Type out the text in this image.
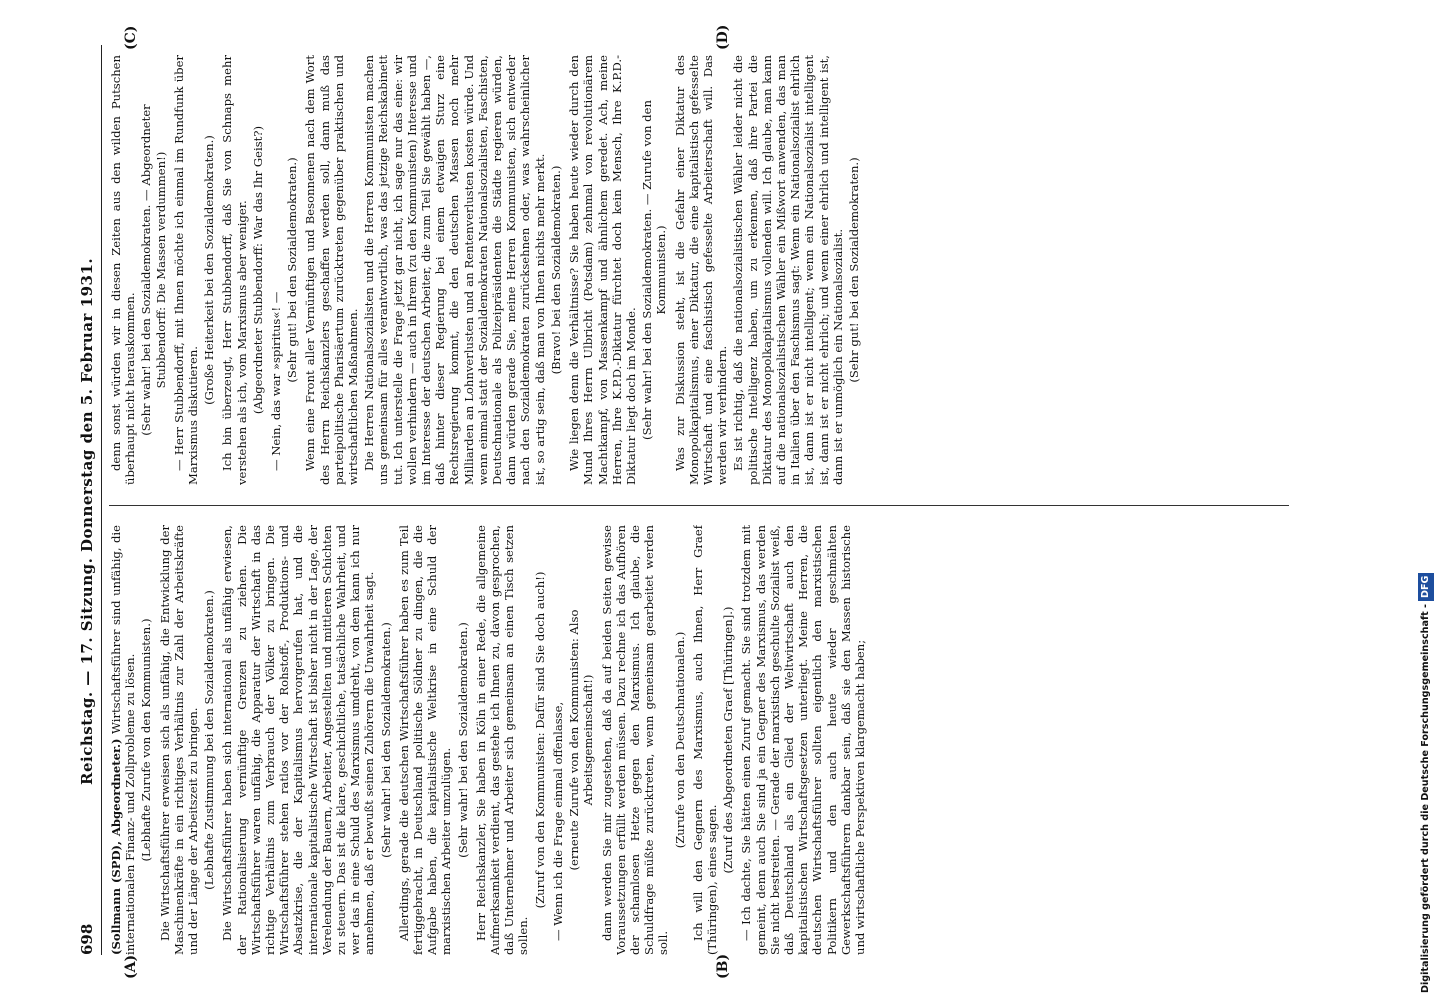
698
Reichstag. — 17. Sitzung. Donnerstag den 5. Februar 1931.
(A)	(B)
(C)	(D)

(Sollmann (SPD), Abgeordneter.) Wirtschaftsführer sind unfähig, die internationalen Finanz- und Zollprobleme zu lösen. (Lebhafte Zurufe von den Kommunisten.) Die Wirtschaftsführer erweisen sich als unfähig, die Entwicklung der Maschinenkräfte in ein richtiges Verhältnis zur Zahl der Arbeitskräfte und der Länge der Arbeitszeit zu bringen. (Lebhafte Zustimmung bei den Sozialdemokraten.) Die Wirtschaftsführer haben sich international als unfähig erwiesen, der Rationalisierung vernünftige Grenzen zu ziehen. Die Wirtschaftsführer waren unfähig, die Apparatur der Wirtschaft in das richtige Verhältnis zum Verbrauch der Völker zu bringen. Die Wirtschaftsführer stehen ratlos vor der Rohstoff-, Produktions- und Absatzkrise, die der Kapitalismus hervorgerufen hat, und die internationale kapitalistische Wirtschaft ist bisher nicht in der Lage, der Verelendung der Bauern, Arbeiter, Angestellten und mittleren Schichten zu steuern. Das ist die klare, geschichtliche, tatsächliche Wahrheit, und wer das in eine Schuld des Marxismus umdreht, von dem kann ich nur annehmen, daß er bewußt seinen Zuhörern die Unwahrheit sagt. (Sehr wahr! bei den Sozialdemokraten.) Allerdings, gerade die deutschen Wirtschaftsführer haben es zum Teil fertiggebracht, in Deutschland politische Söldner zu dingen, die die Aufgabe haben, die kapitalistische Weltkrise in eine Schuld der marxistischen Arbeiter umzulügen. (Sehr wahr! bei den Sozialdemokraten.) Herr Reichskanzler, Sie haben in Köln in einer Rede, die allgemeine Aufmerksamkeit verdient, das gestehe ich Ihnen zu, davon gesprochen, daß Unternehmer und Arbeiter sich gemeinsam an einen Tisch setzen sollen.

(Zuruf von den Kommunisten: Dafür sind Sie doch auch!) — Wenn ich die Frage einmal offenlasse, (erneute Zurufe von den Kommunisten: Also Arbeitsgemeinschaft!) dann werden Sie mir zugestehen, daß da auf beiden Seiten gewisse Voraussetzungen erfüllt werden müssen. Dazu rechne ich das Aufhören der schamlosen Hetze gegen den Marxismus. Ich glaube, die Schuldfrage müßte zurücktreten, wenn gemeinsam gearbeitet werden soll.

(Zurufe von den Deutschnationalen.) Ich will den Gegnern des Marxismus, auch Ihnen, Herr Graef (Thüringen), eines sagen.

(Zuruf des Abgeordneten Graef [Thüringen].) — Ich dachte, Sie hätten einen Zuruf gemacht. Sie sind trotzdem mit gemeint, denn auch Sie sind ja ein Gegner des Marxismus, das werden Sie nicht bestreiten. — Gerade der marxistisch geschulte Sozialist weiß, daß Deutschland als ein Glied der Weltwirtschaft auch den kapitalistischen Wirtschaftsgesetzen unterliegt. Meine Herren, die deutschen Wirtschaftsführer sollten eigentlich den marxistischen Politikern und den auch heute wieder geschmähten Gewerkschaftsführern dankbar sein, daß sie den Massen historische und wirtschaftliche Perspektiven klargemacht haben;

denn sonst würden wir in diesen Zeiten aus den wilden Putschen überhaupt nicht herauskommen. (Sehr wahr! bei den Sozialdemokraten. — Abgeordneter Stubbendorff: Die Massen verdummen!) — Herr Stubbendorff, mit Ihnen möchte ich einmal im Rundfunk über Marxismus diskutieren.

(Große Heiterkeit bei den Sozialdemokraten.) Ich bin überzeugt, Herr Stubbendorff, daß Sie von Schnaps mehr verstehen als ich, vom Marxismus aber weniger. (Abgeordneter Stubbendorff: War das Ihr Geist?) — Nein, das war »spiritus«! — (Sehr gut! bei den Sozialdemokraten.) Wenn eine Front aller Vernünftigen und Besonnenen nach dem Wort des Herrn Reichskanzlers geschaffen werden soll, dann muß das parteipolitische Pharisäertum zurücktreten gegenüber praktischen und wirtschaftlichen Maßnahmen. Die Herren Nationalsozialisten und die Herren Kommunisten machen uns gemeinsam für alles verantwortlich, was das jetzige Reichskabinett tut. Ich unterstelle die Frage jetzt gar nicht, ich sage nur das eine: wir wollen verhindern — auch in Ihrem (zu den Kommunisten) Interesse und im Interesse der deutschen Arbeiter, die zum Teil Sie gewählt haben —, daß hinter dieser Regierung bei einem etwaigen Sturz eine Rechtsregierung kommt, die den deutschen Massen noch mehr Milliarden an Lohnverlusten und an Rentenverlusten kosten würde. Und wenn einmal statt der Sozialdemokraten Nationalsozialisten, Faschisten, Deutschnationale als Polizeipräsidenten die Städte regieren würden, dann würden gerade Sie, meine Herren Kommunisten, sich entweder nach den Sozialdemokraten zurücksehnen oder, was wahrscheinlicher ist, so artig sein, daß man von Ihnen nichts mehr merkt. (Bravo! bei den Sozialdemokraten.) Wie liegen denn die Verhältnisse? Sie haben heute wieder durch den Mund Ihres Herrn Ulbricht (Potsdam) zehnmal von revolutionärem Machtkampf, von Massenkampf und ähnlichem geredet. Ach, meine Herren, Ihre K.P.D.-Diktatur fürchtet doch kein Mensch, Ihre K.P.D.-Diktatur liegt doch im Monde. (Sehr wahr! bei den Sozialdemokraten. — Zurufe von den Kommunisten.) Was zur Diskussion steht, ist die Gefahr einer Diktatur des Monopolkapitalismus, einer Diktatur, die eine kapitalistisch gefesselte Wirtschaft und eine faschistisch gefesselte Arbeiterschaft will. Das werden wir verhindern. Es ist richtig, daß die nationalsozialistischen Wähler leider nicht die politische Intelligenz haben, um zu erkennen, daß ihre Partei die Diktatur des Monopolkapitalismus vollenden will. Ich glaube, man kann auf die nationalsozialistischen Wähler ein Mißwort anwenden, das man in Italien über den Faschismus sagt: Wenn ein Nationalsozialist ehrlich ist, dann ist er nicht intelligent; wenn ein Nationalsozialist intelligent ist, dann ist er nicht ehrlich; und wenn einer ehrlich und intelligent ist, dann ist er unmöglich ein Nationalsozialist. (Sehr gut! bei den Sozialdemokraten.)

Digitalisierung gefördert durch die Deutsche Forschungsgemeinschaft -DFG
